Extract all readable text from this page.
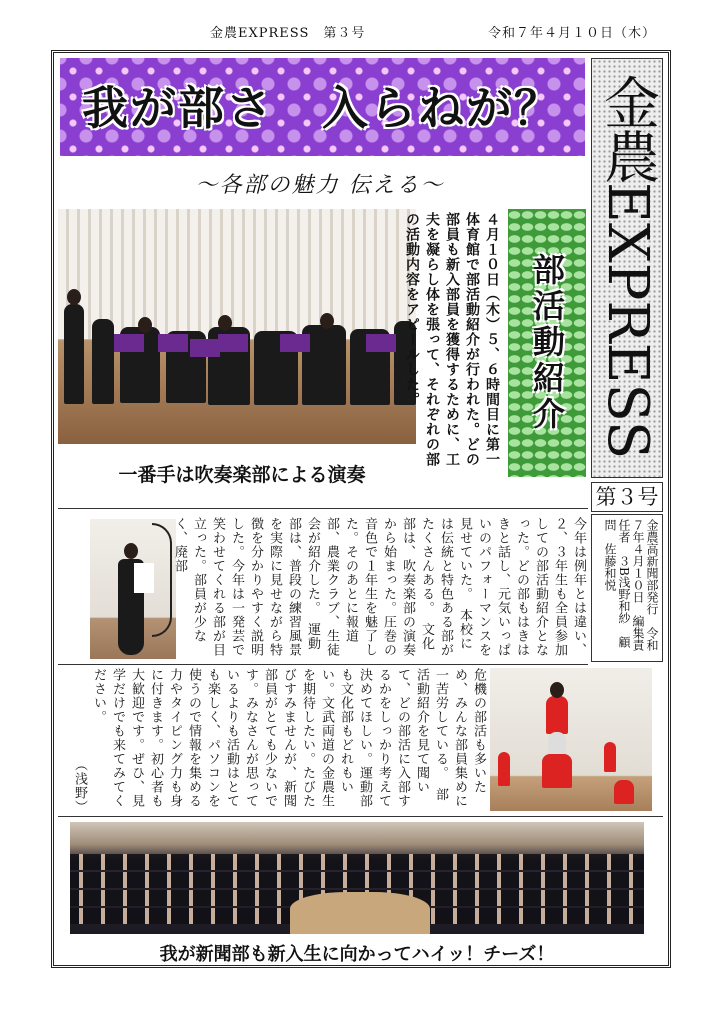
金農EXPRESS　第３号	令和７年４月１０日（木）
我が部さ　入らねが？
〜各部の魅力 伝える〜
金農
EXPRESS
第３号
金農高新聞部発行　令和７年４月１０日　編集責任者　３B浅野和紗　顧問　佐藤和悦
一番手は吹奏楽部による演奏
部活動紹介
４月１０日（木）５、６時間目に第一体育館で部活動紹介が行われた。どの部員も新入部員を獲得するために、工夫を凝らし体を張って、それぞれの部の活動内容をアピールした。
今年は例年とは違い、２、３年生も全員参加しての部活動紹介となった。どの部もはきはきと話し、元気いっぱいのパフォーマンスを見せていた。　本校には伝統と特色ある部がたくさんある。　文化部は、吹奏楽部の演奏から始まった。圧巻の音色で１年生を魅了した。そのあとに報道部、農業クラブ、生徒会が紹介した。　運動部は、普段の練習風景を実際に見せながら特徴を分かりやすく説明した。今年は一発芸で笑わせてくれる部が目立った。部員が少なく、廃部
危機の部活も多いため、みんな部員集めに一苦労している。　部活動紹介を見て聞いて、どの部活に入部するかをしっかり考えて決めてほしい。運動部も文化部もどれもいい。文武両道の金農生を期待したい。たびたびすみませんが、新聞部員がとても少ないです。みなさんが思っているよりも活動はとても楽しく、パソコンを使うので情報を集める力やタイピング力も身に付きます。初心者も大歓迎です。ぜひ、見学だけでも来てみてください。
（浅野）
我が新聞部も新入生に向かってハイッ！チーズ！
